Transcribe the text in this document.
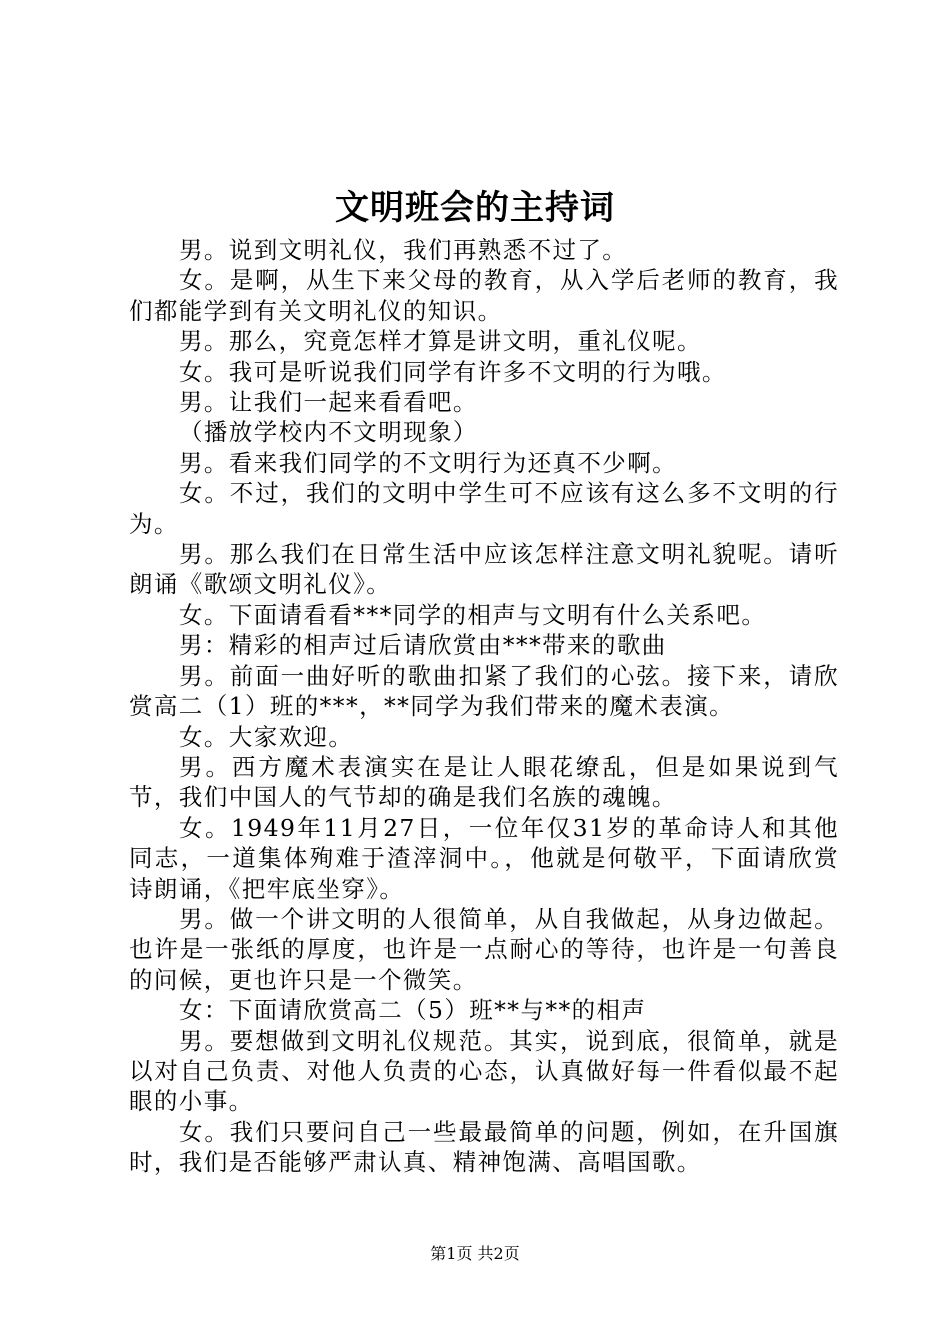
文明班会的主持词

男。说到文明礼仪，我们再熟悉不过了。

女。是啊，从生下来父母的教育，从入学后老师的教育，我们都能学到有关文明礼仪的知识。

男。那么，究竟怎样才算是讲文明，重礼仪呢。

女。我可是听说我们同学有许多不文明的行为哦。

男。让我们一起来看看吧。

（播放学校内不文明现象）

男。看来我们同学的不文明行为还真不少啊。

女。不过，我们的文明中学生可不应该有这么多不文明的行为。

男。那么我们在日常生活中应该怎样注意文明礼貌呢。请听朗诵《歌颂文明礼仪》。

女。下面请看看***同学的相声与文明有什么关系吧。

男：精彩的相声过后请欣赏由***带来的歌曲

男。前面一曲好听的歌曲扣紧了我们的心弦。接下来，请欣赏高二（1）班的***，**同学为我们带来的魔术表演。

女。大家欢迎。

男。西方魔术表演实在是让人眼花缭乱，但是如果说到气节，我们中国人的气节却的确是我们名族的魂魄。

女。1949年11月27日，一位年仅31岁的革命诗人和其他同志，一道集体殉难于渣滓洞中。，他就是何敬平，下面请欣赏诗朗诵，《把牢底坐穿》。

男。做一个讲文明的人很简单，从自我做起，从身边做起。也许是一张纸的厚度，也许是一点耐心的等待，也许是一句善良的问候，更也许只是一个微笑。

女：下面请欣赏高二（5）班**与**的相声

男。要想做到文明礼仪规范。其实，说到底，很简单，就是以对自己负责、对他人负责的心态，认真做好每一件看似最不起眼的小事。

女。我们只要问自己一些最最简单的问题，例如，在升国旗时，我们是否能够严肃认真、精神饱满、高唱国歌。

第1页 共2页
